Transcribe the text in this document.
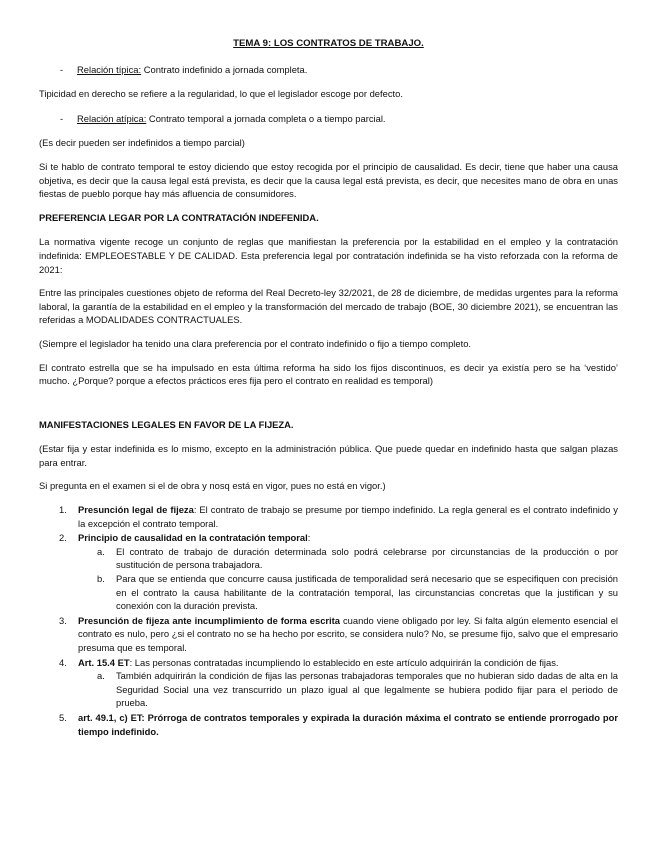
TEMA 9: LOS CONTRATOS DE TRABAJO.

- Relación típica: Contrato indefinido a jornada completa.

Tipicidad en derecho se refiere a la regularidad, lo que el legislador escoge por defecto.

- Relación atípica: Contrato temporal a jornada completa o a tiempo parcial.

(Es decir pueden ser indefinidos a tiempo parcial)

Si te hablo de contrato temporal te estoy diciendo que estoy recogida por el principio de causalidad. Es decir, tiene que haber una causa objetiva, es decir que la causa legal está prevista, es decir que la causa legal está prevista, es decir, que necesites mano de obra en unas fiestas de pueblo porque hay más afluencia de consumidores.

PREFERENCIA LEGAR POR LA CONTRATACIÓN INDEFENIDA.

La normativa vigente recoge un conjunto de reglas que manifiestan la preferencia por la estabilidad en el empleo y la contratación indefinida: EMPLEOESTABLE Y DE CALIDAD. Esta preferencia legal por contratación indefinida se ha visto reforzada con la reforma de 2021:

Entre las principales cuestiones objeto de reforma del Real Decreto-ley 32/2021, de 28 de diciembre, de medidas urgentes para la reforma laboral, la garantía de la estabilidad en el empleo y la transformación del mercado de trabajo (BOE, 30 diciembre 2021), se encuentran las referidas a MODALIDADES CONTRACTUALES.

(Siempre el legislador ha tenido una clara preferencia por el contrato indefinido o fijo a tiempo completo.

El contrato estrella que se ha impulsado en esta última reforma ha sido los fijos discontinuos, es decir ya existía pero se ha ‘vestido’ mucho. ¿Porque? porque a efectos prácticos eres fija pero el contrato en realidad es temporal)

MANIFESTACIONES LEGALES EN FAVOR DE LA FIJEZA.

(Estar fija y estar indefinida es lo mismo, excepto en la administración pública. Que puede quedar en indefinido hasta que salgan plazas para entrar.

Si pregunta en el examen si el de obra y nosq está en vigor, pues no está en vigor.)

1. Presunción legal de fijeza: El contrato de trabajo se presume por tiempo indefinido. La regla general es el contrato indefinido y la excepción el contrato temporal.

2. Principio de causalidad en la contratación temporal:

a. El contrato de trabajo de duración determinada solo podrá celebrarse por circunstancias de la producción o por sustitución de persona trabajadora.

b. Para que se entienda que concurre causa justificada de temporalidad será necesario que se especifiquen con precisión en el contrato la causa habilitante de la contratación temporal, las circunstancias concretas que la justifican y su conexión con la duración prevista.

3. Presunción de fijeza ante incumplimiento de forma escrita cuando viene obligado por ley. Si falta algún elemento esencial el contrato es nulo, pero ¿si el contrato no se ha hecho por escrito, se considera nulo? No, se presume fijo, salvo que el empresario presuma que es temporal.

4. Art. 15.4 ET: Las personas contratadas incumpliendo lo establecido en este artículo adquirirán la condición de fijas.

a. También adquirirán la condición de fijas las personas trabajadoras temporales que no hubieran sido dadas de alta en la Seguridad Social una vez transcurrido un plazo igual al que legalmente se hubiera podido fijar para el periodo de prueba.

5. art. 49.1, c) ET: Prórroga de contratos temporales y expirada la duración máxima el contrato se entiende prorrogado por tiempo indefinido.
